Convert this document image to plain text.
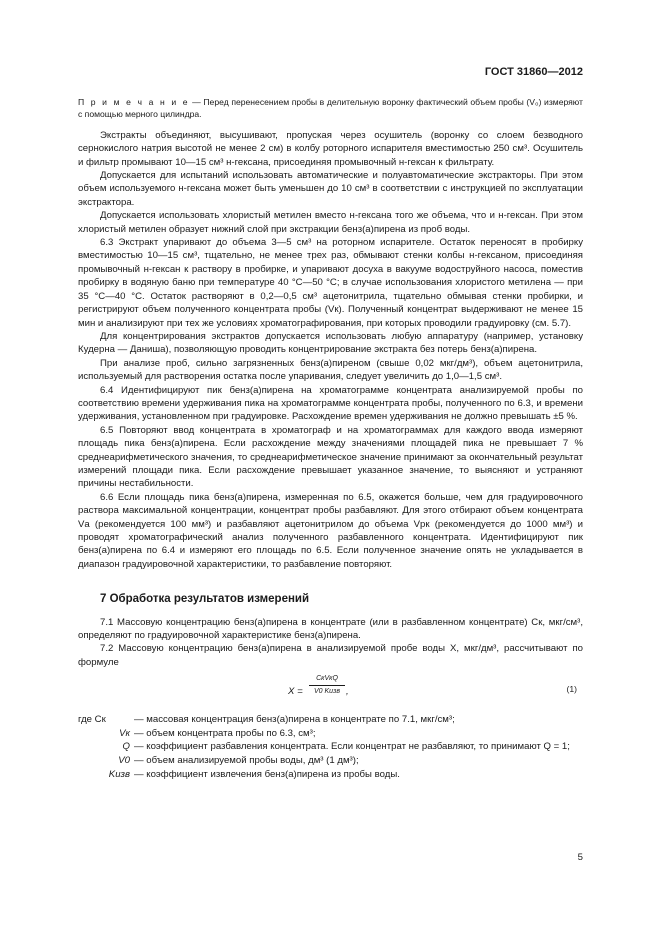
ГОСТ 31860—2012

П р и м е ч а н и е — Перед перенесением пробы в делительную воронку фактический объем пробы (V₀) измеряют с помощью мерного цилиндра.

Экстракты объединяют, высушивают, пропуская через осушитель (воронку со слоем безводного сернокислого натрия высотой не менее 2 см) в колбу роторного испарителя вместимостью 250 см³. Осушитель и фильтр промывают 10—15 см³ н-гексана, присоединяя промывочный н-гексан к фильтрату.

Допускается для испытаний использовать автоматические и полуавтоматические экстракторы. При этом объем используемого н-гексана может быть уменьшен до 10 см³ в соответствии с инструкцией по эксплуатации экстрактора.

Допускается использовать хлористый метилен вместо н-гексана того же объема, что и н-гексан. При этом хлористый метилен образует нижний слой при экстракции бенз(а)пирена из проб воды.

6.3 Экстракт упаривают до объема 3—5 см³ на роторном испарителе. Остаток переносят в пробирку вместимостью 10—15 см³, тщательно, не менее трех раз, обмывают стенки колбы н-гексаном, присоединяя промывочный н-гексан к раствору в пробирке, и упаривают досуха в вакууме водоструйного насоса, поместив пробирку в водяную баню при температуре 40 °С—50 °С; в случае использования хлористого метилена — при 35 °С—40 °С. Остаток растворяют в 0,2—0,5 см³ ацетонитрила, тщательно обмывая стенки пробирки, и регистрируют объем полученного концентрата пробы (Vк). Полученный концентрат выдерживают не менее 15 мин и анализируют при тех же условиях хроматографирования, при которых проводили градуировку (см. 5.7).

Для концентрирования экстрактов допускается использовать любую аппаратуру (например, установку Кудерна — Даниша), позволяющую проводить концентрирование экстракта без потерь бенз(а)пирена.

При анализе проб, сильно загрязненных бенз(а)пиреном (свыше 0,02 мкг/дм³), объем ацетонитрила, используемый для растворения остатка после упаривания, следует увеличить до 1,0—1,5 см³.

6.4 Идентифицируют пик бенз(а)пирена на хроматограмме концентрата анализируемой пробы по соответствию времени удерживания пика на хроматограмме концентрата пробы, полученного по 6.3, и времени удерживания, установленном при градуировке. Расхождение времен удерживания не должно превышать ±5 %.

6.5 Повторяют ввод концентрата в хроматограф и на хроматограммах для каждого ввода измеряют площадь пика бенз(а)пирена. Если расхождение между значениями площадей пика не превышает 7 % среднеарифметического значения, то среднеарифметическое значение принимают за окончательный результат измерений площади пика. Если расхождение превышает указанное значение, то выясняют и устраняют причины нестабильности.

6.6 Если площадь пика бенз(а)пирена, измеренная по 6.5, окажется больше, чем для градуировочного раствора максимальной концентрации, концентрат пробы разбавляют. Для этого отбирают объем концентрата Vа (рекомендуется 100 мм³) и разбавляют ацетонитрилом до объема Vрк (рекомендуется до 1000 мм³) и проводят хроматографический анализ полученного разбавленного концентрата. Идентифицируют пик бенз(а)пирена по 6.4 и измеряют его площадь по 6.5. Если полученное значение опять не укладывается в диапазон градуировочной характеристики, то разбавление повторяют.

7 Обработка результатов измерений

7.1 Массовую концентрацию бенз(а)пирена в концентрате (или в разбавленном концентрате) Ск, мкг/см³, определяют по градуировочной характеристике бенз(а)пирена.

7.2 Массовую концентрацию бенз(а)пирена в анализируемой пробе воды X, мкг/дм³, рассчитывают по формуле

X =
СкVкQ
V0 Kизв ,	(1)
где Ск	— массовая концентрация бенз(а)пирена в концентрате по 7.1, мкг/см³;
Vк — объем концентрата пробы по 6.3, см³;
Q — коэффициент разбавления концентрата. Если концентрат не разбавляют, то принимают Q = 1;
V0 — объем анализируемой пробы воды, дм³ (1 дм³);
Kизв — коэффициент извлечения бенз(а)пирена из пробы воды.
5
